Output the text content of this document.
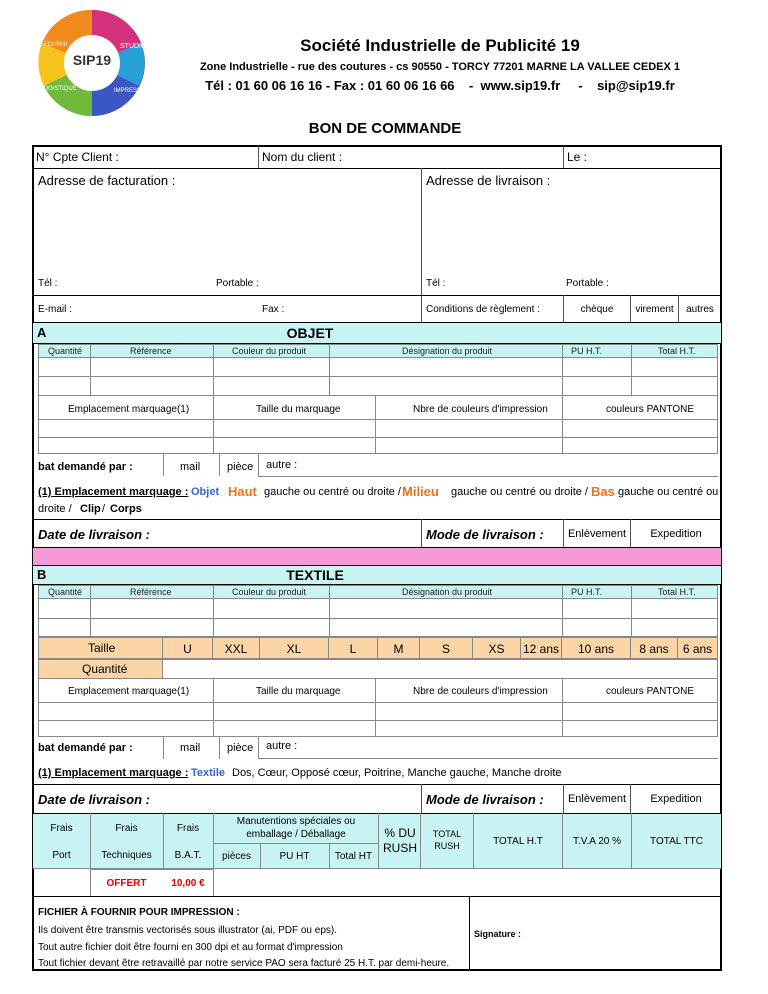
SIP19
FOURNI	STUDIO
LOGISTIQUE	IMPRESSION
Société Industrielle de Publicité 19
Zone Industrielle - rue des coutures - cs 90550 - TORCY 77201 MARNE LA VALLEE CEDEX 1
Tél : 01 60 06 16 16 - Fax : 01 60 06 16 66    -  www.sip19.fr     -    sip@sip19.fr
BON DE COMMANDE
N° Cpte Client :	Nom du client :	Le :
Adresse de facturation :	Adresse de livraison :
Tél :	Portable :	Tél :	Portable :
E-mail :	Fax :	Conditions de règlement :	chèque	virement	autres
A	OBJET
Quantité	Référence	Couleur du produit	Désignation du produit	PU H.T.	Total H.T.
Emplacement marquage(1)	Taille du marquage	Nbre de couleurs d'impression	couleurs PANTONE
bat demandé par :	mail pièce autre :
(1) Emplacement marquage : Objet Haut gauche ou centré ou droite / Milieu gauche ou centré ou droite / Bas gauche ou centré ou
droite / Clip / Corps
Date de livraison :	Mode de livraison :	Enlèvement	Expedition
B	TEXTILE
Quantité	Référence	Couleur du produit	Désignation du produit	PU H.T.	Total H.T.
Taille	U	XXL	XL	L	M	S	XS	12 ans	10 ans	8 ans	6 ans
Quantité
Emplacement marquage(1)	Taille du marquage	Nbre de couleurs d'impression	couleurs PANTONE
bat demandé par :	mail pièce autre :
(1) Emplacement marquage : Textile Dos, Cœur, Opposé cœur, Poitrine, Manche gauche, Manche droite
Date de livraison :	Mode de livraison :	Enlèvement	Expedition
Frais	Frais	Frais
Port	Techniques	B.A.T.
Manutentions spéciales ou emballage / Déballage
pièces	PU HT	Total HT
% DU RUSH
TOTAL RUSH	TOTAL H.T	T.V.A 20 %	TOTAL TTC
OFFERT	10,00 €
FICHIER À FOURNIR POUR IMPRESSION :
Ils doivent être transmis vectorisés sous illustrator (ai, PDF ou eps).
Tout autre fichier doit être fourni en 300 dpi et au format d'impression
Tout fichier devant être retravaillé par notre service PAO sera facturé 25 H.T. par demi-heure.
Signature :
